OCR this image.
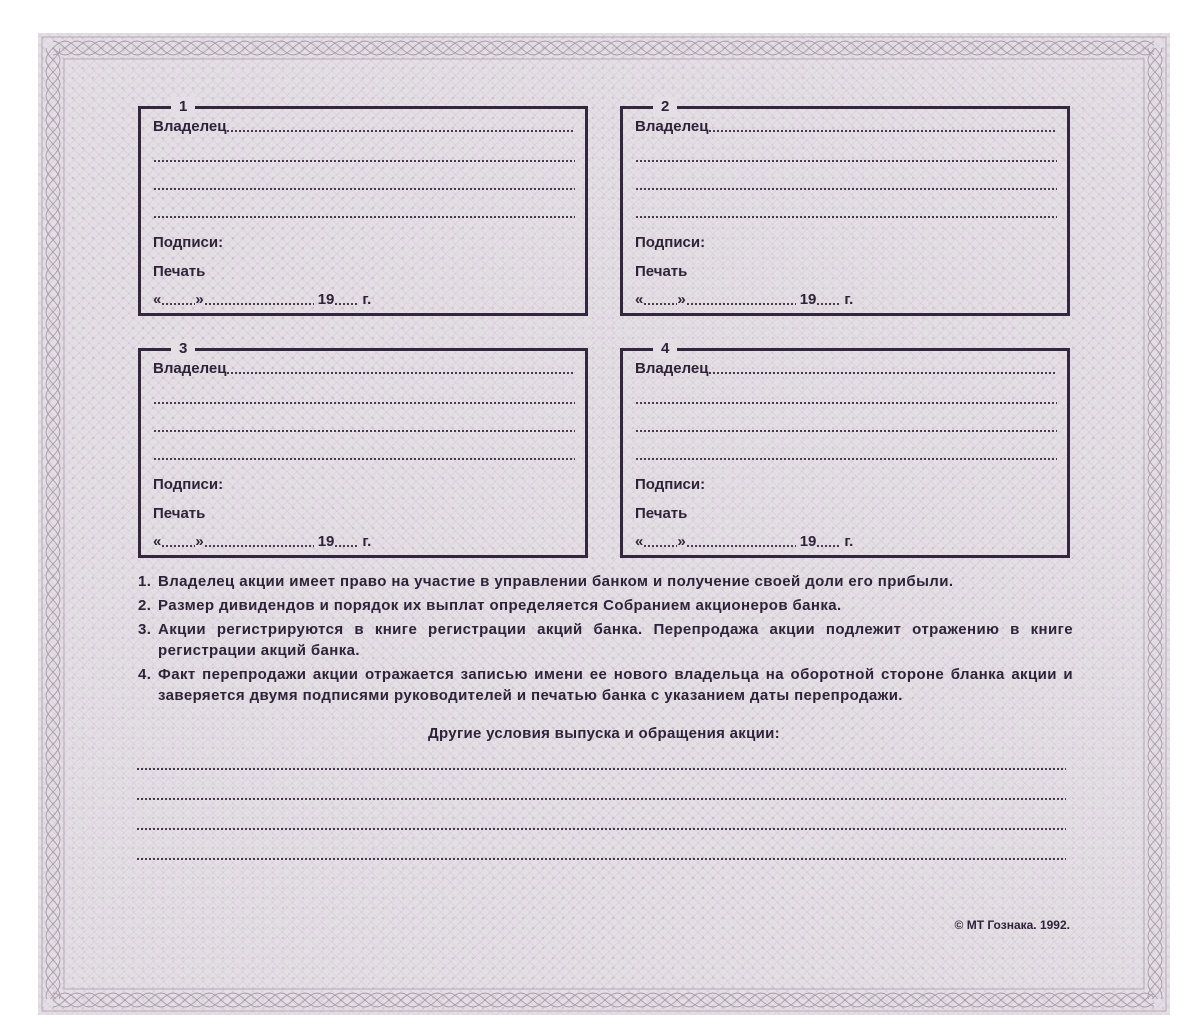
1
Владелец
Подписи:
Печать
« »	19 г.
2
Владелец
Подписи:
Печать
« »	19 г.
3
Владелец
Подписи:
Печать
« »	19 г.
4
Владелец
Подписи:
Печать
« »	19 г.
1. Владелец акции имеет право на участие в управлении банком и получение своей доли его прибыли.
2. Размер дивидендов и порядок их выплат определяется Собранием акционеров банка.
3. Акции регистрируются в книге регистрации акций банка. Перепродажа акции подлежит отражению в книге регистрации акций банка.
4. Факт перепродажи акции отражается записью имени ее нового владельца на оборотной стороне бланка акции и заверяется двумя подписями руководителей и печатью банка с указанием даты перепродажи.
Другие условия выпуска и обращения акции:
© МТ Гознака. 1992.
